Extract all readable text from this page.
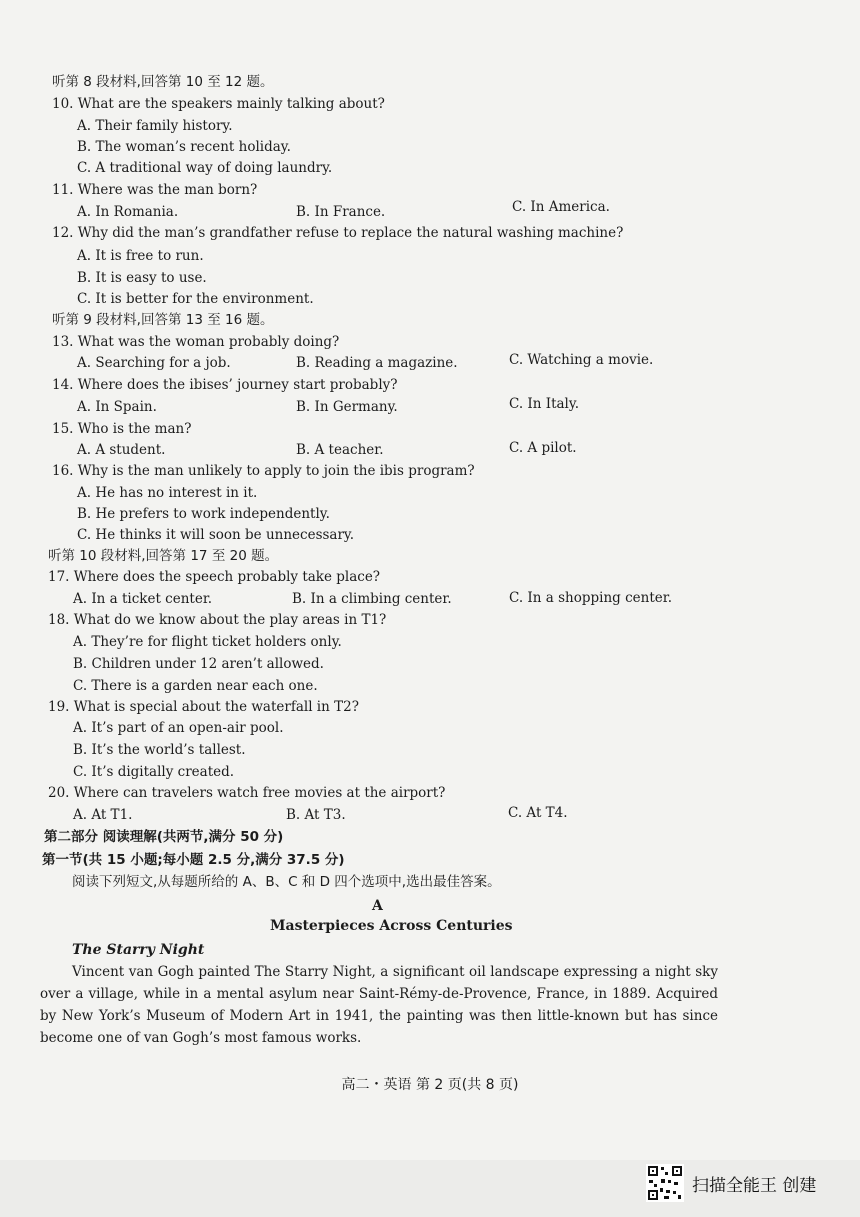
听第 8 段材料,回答第 10 至 12 题。
10. What are the speakers mainly talking about?
A. Their family history.
B. The woman’s recent holiday.
C. A traditional way of doing laundry.
11. Where was the man born?
A. In Romania.	B. In France.	C. In America.
12. Why did the man’s grandfather refuse to replace the natural washing machine?
A. It is free to run.
B. It is easy to use.
C. It is better for the environment.
听第 9 段材料,回答第 13 至 16 题。
13. What was the woman probably doing?
A. Searching for a job.	B. Reading a magazine.	C. Watching a movie.
14. Where does the ibises’ journey start probably?
A. In Spain.	B. In Germany.	C. In Italy.
15. Who is the man?
A. A student.	B. A teacher.	C. A pilot.
16. Why is the man unlikely to apply to join the ibis program?
A. He has no interest in it.
B. He prefers to work independently.
C. He thinks it will soon be unnecessary.
听第 10 段材料,回答第 17 至 20 题。
17. Where does the speech probably take place?
A. In a ticket center.	B. In a climbing center.	C. In a shopping center.
18. What do we know about the play areas in T1?
A. They’re for flight ticket holders only.
B. Children under 12 aren’t allowed.
C. There is a garden near each one.
19. What is special about the waterfall in T2?
A. It’s part of an open-air pool.
B. It’s the world’s tallest.
C. It’s digitally created.
20. Where can travelers watch free movies at the airport?
A. At T1.	B. At T3.	C. At T4.
第二部分 阅读理解(共两节,满分 50 分)
第一节(共 15 小题;每小题 2.5 分,满分 37.5 分)
阅读下列短文,从每题所给的 A、B、C 和 D 四个选项中,选出最佳答案。
A
Masterpieces Across Centuries
The Starry Night
Vincent van Gogh painted The Starry Night, a significant oil landscape expressing a night sky over a village, while in a mental asylum near Saint-Rémy-de-Provence, France, in 1889. Acquired by New York’s Museum of Modern Art in 1941, the painting was then little-known but has since become one of van Gogh’s most famous works.
高二・英语 第 2 页(共 8 页)
扫描全能王 创建
